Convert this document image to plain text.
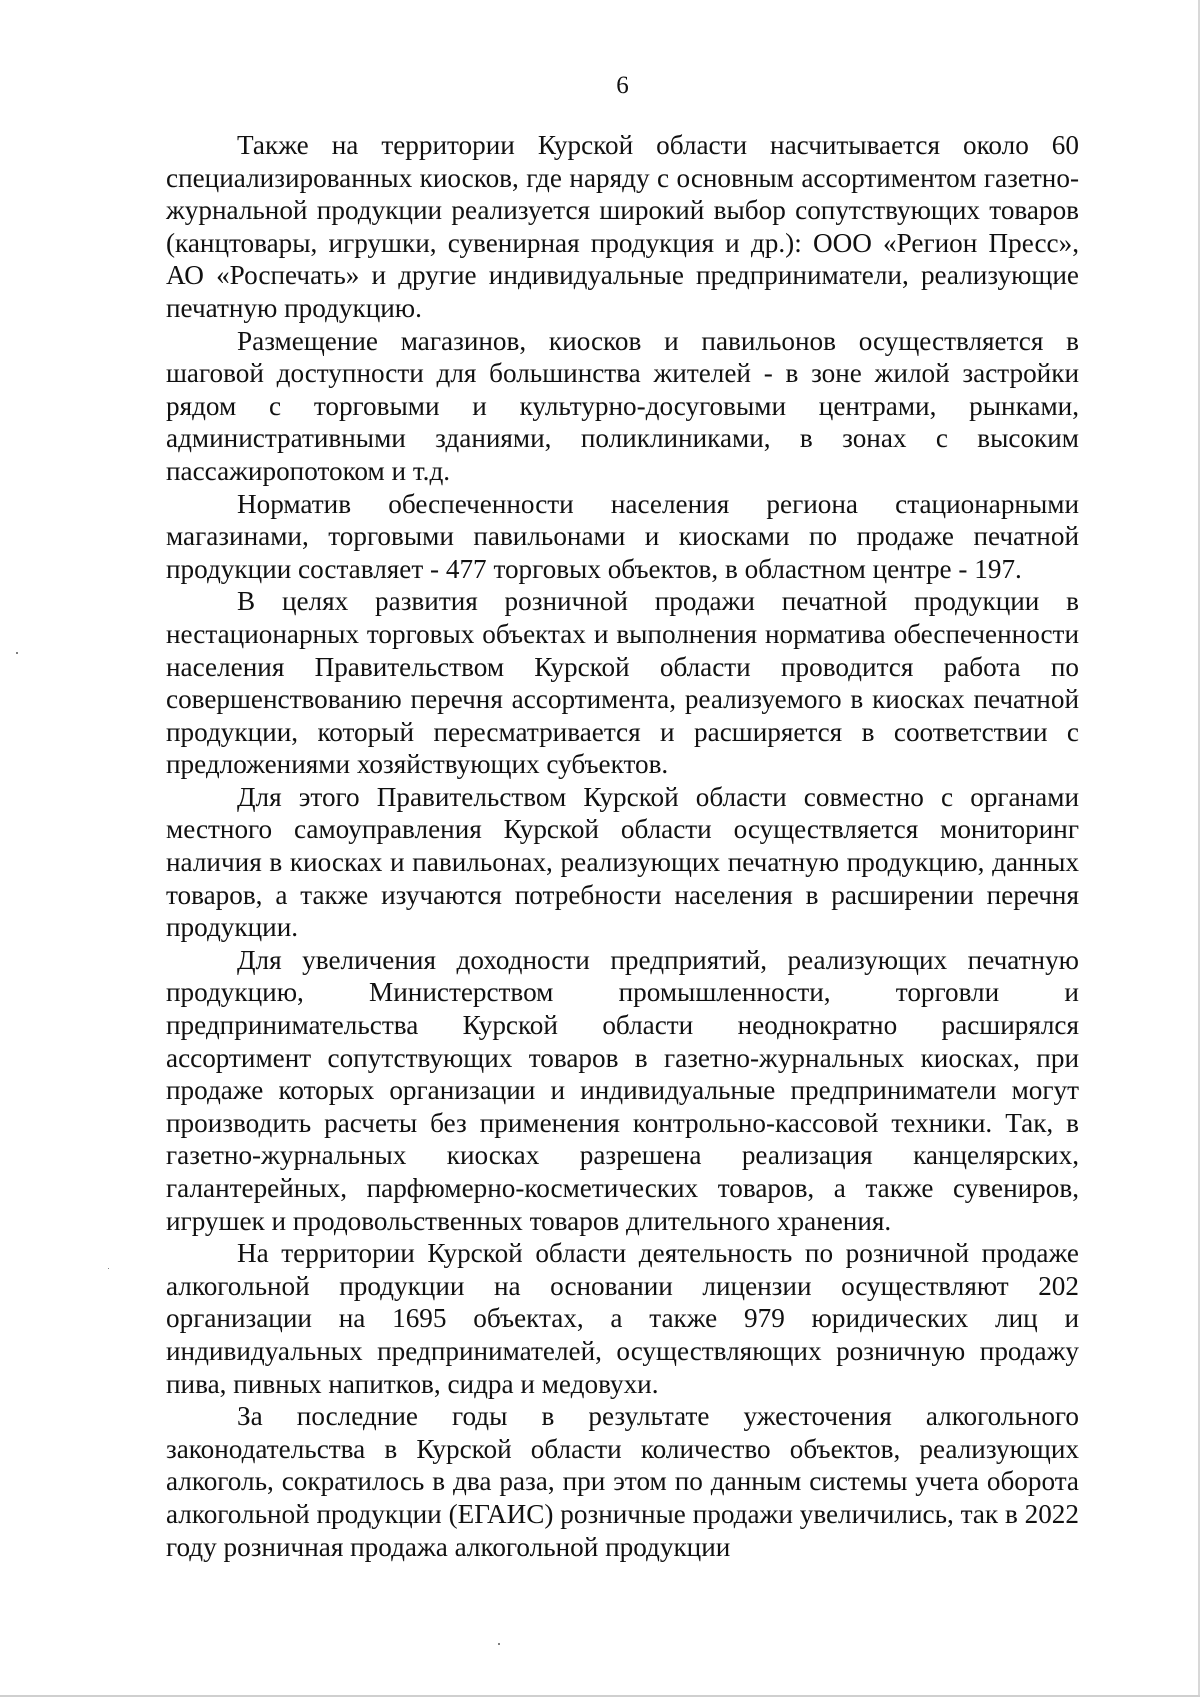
6

Также на территории Курской области насчитывается около 60 специализированных киосков, где наряду с основным ассортиментом газетно-журнальной продукции реализуется широкий выбор сопутствующих товаров (канцтовары, игрушки, сувенирная продукция и др.): ООО «Регион Пресс», АО «Роспечать» и другие индивидуальные предприниматели, реализующие печатную продукцию.

Размещение магазинов, киосков и павильонов осуществляется в шаговой доступности для большинства жителей - в зоне жилой застройки рядом с торговыми и культурно-досуговыми центрами, рынками, административными зданиями, поликлиниками, в зонах с высоким пассажиропотоком и т.д.

Норматив обеспеченности населения региона стационарными магазинами, торговыми павильонами и киосками по продаже печатной продукции составляет - 477 торговых объектов, в областном центре - 197.

В целях развития розничной продажи печатной продукции в нестационарных торговых объектах и выполнения норматива обеспеченности населения Правительством Курской области проводится работа по совершенствованию перечня ассортимента, реализуемого в киосках печатной продукции, который пересматривается и расширяется в соответствии с предложениями хозяйствующих субъектов.

Для этого Правительством Курской области совместно с органами местного самоуправления Курской области осуществляется мониторинг наличия в киосках и павильонах, реализующих печатную продукцию, данных товаров, а также изучаются потребности населения в расширении перечня продукции.

Для увеличения доходности предприятий, реализующих печатную продукцию, Министерством промышленности, торговли и предпринимательства Курской области неоднократно расширялся ассортимент сопутствующих товаров в газетно-журнальных киосках, при продаже которых организации и индивидуальные предприниматели могут производить расчеты без применения контрольно-кассовой техники. Так, в газетно-журнальных киосках разрешена реализация канцелярских, галантерейных, парфюмерно-косметических товаров, а также сувениров, игрушек и продовольственных товаров длительного хранения.

На территории Курской области деятельность по розничной продаже алкогольной продукции на основании лицензии осуществляют 202 организации на 1695 объектах, а также 979 юридических лиц и индивидуальных предпринимателей, осуществляющих розничную продажу пива, пивных напитков, сидра и медовухи.

За последние годы в результате ужесточения алкогольного законодательства в Курской области количество объектов, реализующих алкоголь, сократилось в два раза, при этом по данным системы учета оборота алкогольной продукции (ЕГАИС) розничные продажи увеличились, так в 2022 году розничная продажа алкогольной продукции
